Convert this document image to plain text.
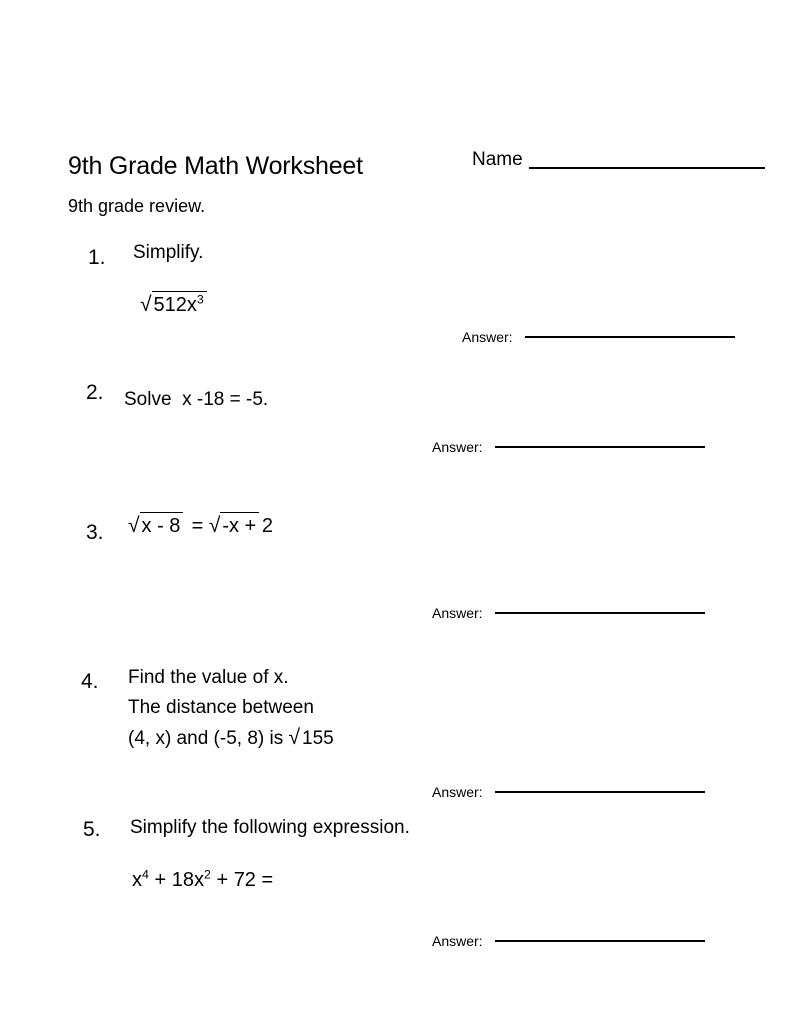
9th Grade Math Worksheet
9th grade review.
Name
1. Simplify.
√ $512x^3$
Answer:
2. Solve x -18 = -5.
Answer:
3. √ x - 8 = √ -x + 2
Answer:
4. Find the value of x.
The distance between
(4, x) and (-5, 8) is √ 155
Answer:
5. Simplify the following expression.
$x^4 + 18x^2 + 72$ =
Answer:
